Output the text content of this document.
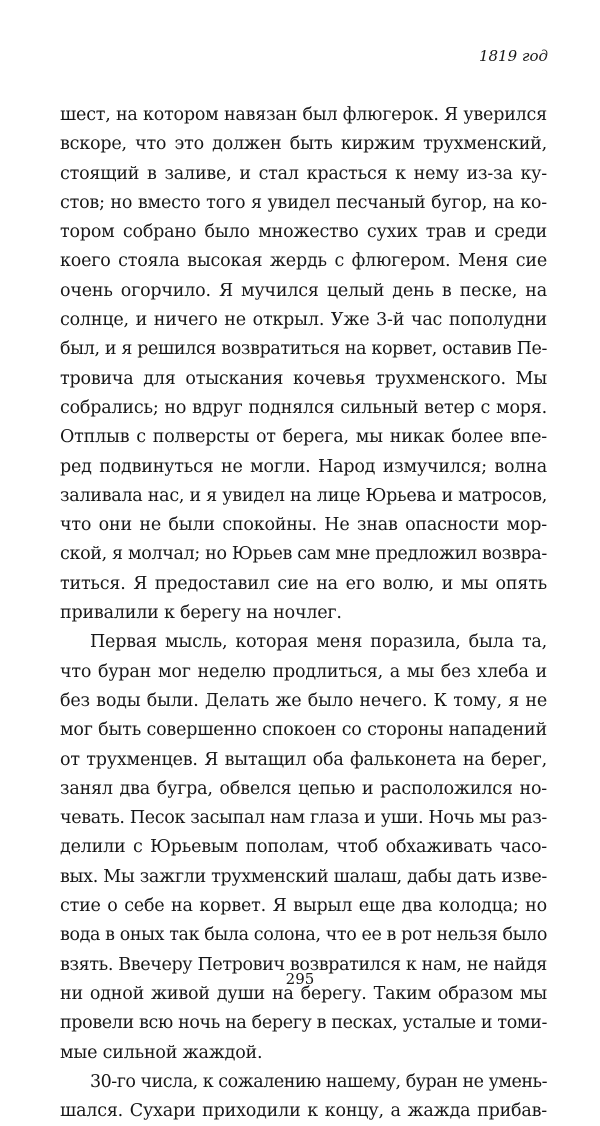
1819 год
шест, на котором навязан был флюгерок. Я уверился
вскоре, что это должен быть киржим трухменский,
стоящий в заливе, и стал красться к нему из-за ку-
стов; но вместо того я увидел песчаный бугор, на ко-
тором собрано было множество сухих трав и среди
коего стояла высокая жердь с флюгером. Меня сие
очень огорчило. Я мучился целый день в песке, на
солнце, и ничего не открыл. Уже 3-й час пополудни
был, и я решился возвратиться на корвет, оставив Пе-
тровича для отыскания кочевья трухменского. Мы
собрались; но вдруг поднялся сильный ветер с моря.
Отплыв с полверсты от берега, мы никак более впе-
ред подвинуться не могли. Народ измучился; волна
заливала нас, и я увидел на лице Юрьева и матросов,
что они не были спокойны. Не знав опасности мор-
ской, я молчал; но Юрьев сам мне предложил возвра-
титься. Я предоставил сие на его волю, и мы опять
привалили к берегу на ночлег.
Первая мысль, которая меня поразила, была та,
что буран мог неделю продлиться, а мы без хлеба и
без воды были. Делать же было нечего. К тому, я не
мог быть совершенно спокоен со стороны нападений
от трухменцев. Я вытащил оба фальконета на берег,
занял два бугра, обвелся цепью и расположился но-
чевать. Песок засыпал нам глаза и уши. Ночь мы раз-
делили с Юрьевым пополам, чтоб обхаживать часо-
вых. Мы зажгли трухменский шалаш, дабы дать изве-
стие о себе на корвет. Я вырыл еще два колодца; но
вода в оных так была солона, что ее в рот нельзя было
взять. Ввечеру Петрович возвратился к нам, не найдя
ни одной живой души на берегу. Таким образом мы
провели всю ночь на берегу в песках, усталые и томи-
мые сильной жаждой.
30-го числа, к сожалению нашему, буран не умень-
шался. Сухари приходили к концу, а жажда прибав-
295
